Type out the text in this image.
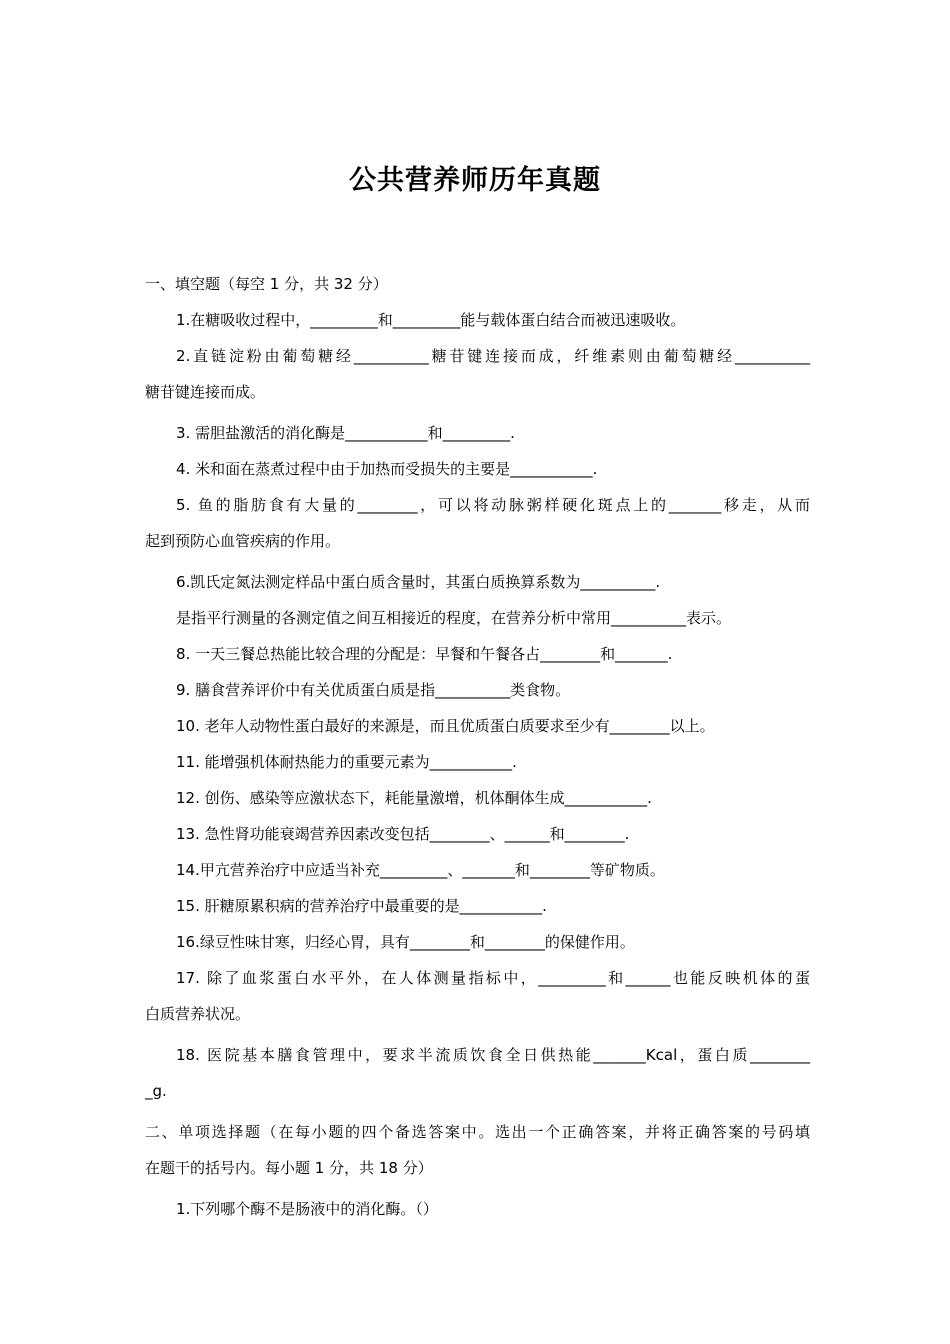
公共营养师历年真题
一、填空题（每空 1 分，共 32 分）
1.在糖吸收过程中，_________和_________能与载体蛋白结合而被迅速吸收。
2.直链淀粉由葡萄糖经__________糖苷键连接而成，纤维素则由葡萄糖经__________
糖苷键连接而成。
3. 需胆盐激活的消化酶是___________和_________.
4. 米和面在蒸煮过程中由于加热而受损失的主要是___________.
5. 鱼的脂肪食有大量的________，可以将动脉粥样硬化斑点上的_______移走，从而
起到预防心血管疾病的作用。
6.凯氏定氮法测定样品中蛋白质含量时，其蛋白质换算系数为__________.
是指平行测量的各测定值之间互相接近的程度，在营养分析中常用__________表示。
8. 一天三餐总热能比较合理的分配是：早餐和午餐各占________和_______.
9. 膳食营养评价中有关优质蛋白质是指__________类食物。
10. 老年人动物性蛋白最好的来源是，而且优质蛋白质要求至少有________以上。
11. 能增强机体耐热能力的重要元素为___________.
12. 创伤、感染等应激状态下，耗能量激增，机体酮体生成___________.
13. 急性肾功能衰竭营养因素改变包括________、______和________.
14.甲亢营养治疗中应适当补充_________、_______和________等矿物质。
15. 肝糖原累积病的营养治疗中最重要的是___________.
16.绿豆性味甘寒，归经心胃，具有________和________的保健作用。
17. 除了血浆蛋白水平外，在人体测量指标中，_________和______也能反映机体的蛋
白质营养状况。
18. 医院基本膳食管理中，要求半流质饮食全日供热能_______Kcal，蛋白质________
_g.
二、单项选择题（在每小题的四个备选答案中。选出一个正确答案，并将正确答案的号码填
在题干的括号内。每小题 1 分，共 18 分）
1.下列哪个酶不是肠液中的消化酶。（）
